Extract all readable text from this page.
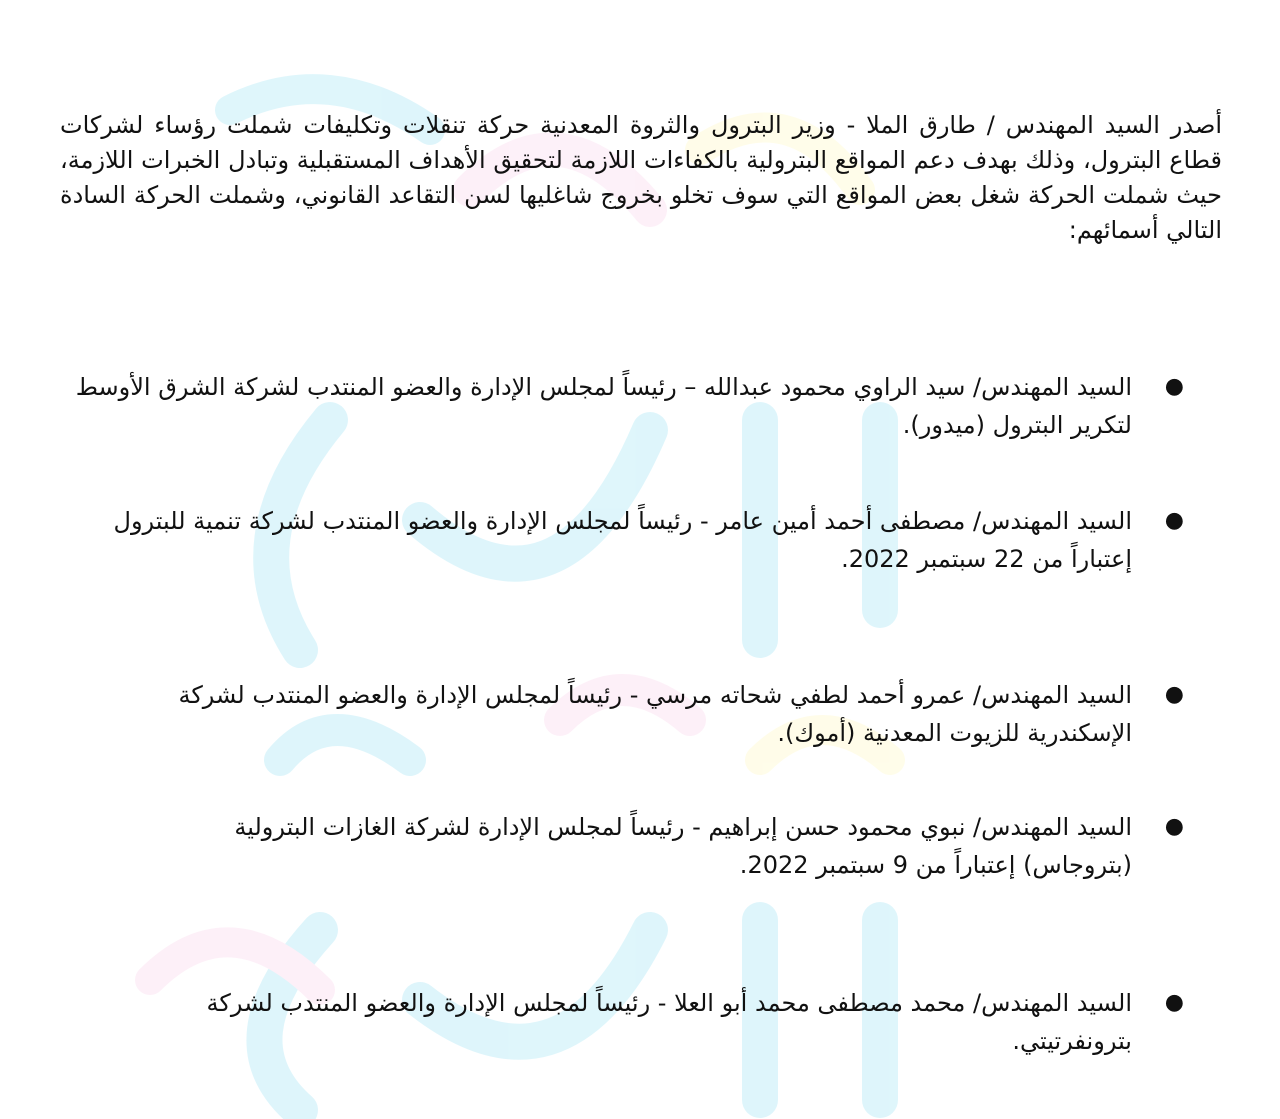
أصدر السيد المهندس / طارق الملا - وزير البترول والثروة المعدنية حركة تنقلات وتكليفات شملت رؤساء لشركات قطاع البترول، وذلك بهدف دعم المواقع البترولية بالكفاءات اللازمة لتحقيق الأهداف المستقبلية وتبادل الخبرات اللازمة، حيث شملت الحركة شغل بعض المواقع التي سوف تخلو بخروج شاغليها لسن التقاعد القانوني، وشملت الحركة السادة التالي أسمائهم:

●
السيد المهندس/ سيد الراوي محمود عبدالله – رئيساً لمجلس الإدارة والعضو المنتدب لشركة الشرق الأوسط لتكرير البترول (ميدور).
●
السيد المهندس/ مصطفى أحمد أمين عامر - رئيساً لمجلس الإدارة والعضو المنتدب لشركة تنمية للبترول إعتباراً من 22 سبتمبر 2022.
●
السيد المهندس/ عمرو أحمد لطفي شحاته مرسي - رئيساً لمجلس الإدارة والعضو المنتدب لشركة الإسكندرية للزيوت المعدنية (أموك).
●
السيد المهندس/ نبوي محمود حسن إبراهيم - رئيساً لمجلس الإدارة لشركة الغازات البترولية (بتروجاس) إعتباراً من 9 سبتمبر 2022.
●
السيد المهندس/ محمد مصطفى محمد أبو العلا - رئيساً لمجلس الإدارة والعضو المنتدب لشركة بترونفرتيتي.
